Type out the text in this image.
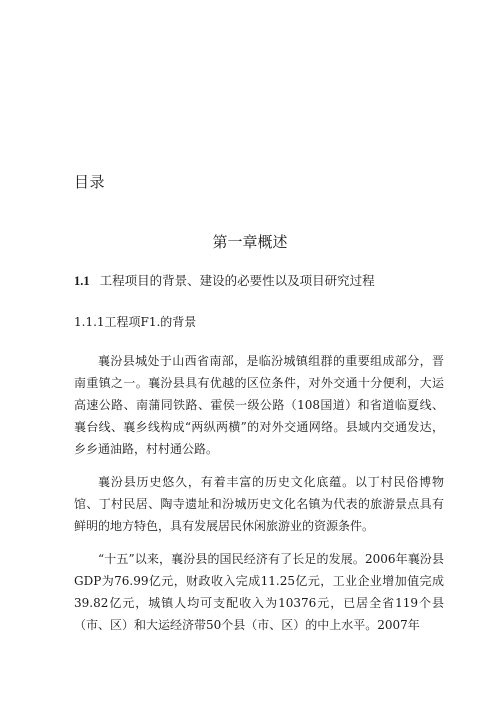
目录
第一章概述
1.1 工程项目的背景、建设的必要性以及项目研究过程
1.1.1工程项F1.的背景

襄汾县城处于山西省南部，是临汾城镇组群的重要组成部分，晋南重镇之一。襄汾县具有优越的区位条件，对外交通十分便利，大运高速公路、南蒲同铁路、霍侯一级公路（108国道）和省道临夏线、襄台线、襄乡线构成“两纵两横”的对外交通网络。县域内交通发达，乡乡通油路，村村通公路。

襄汾县历史悠久，有着丰富的历史文化底蕴。以丁村民俗博物馆、丁村民居、陶寺遗址和汾城历史文化名镇为代表的旅游景点具有鲜明的地方特色，具有发展居民休闲旅游业的资源条件。

“十五”以来，襄汾县的国民经济有了长足的发展。2006年襄汾县GDP为76.99亿元，财政收入完成11.25亿元，工业企业增加值完成39.82亿元，城镇人均可支配收入为10376元，已居全省119个县（市、区）和大运经济带50个县（市、区）的中上水平。2007年
